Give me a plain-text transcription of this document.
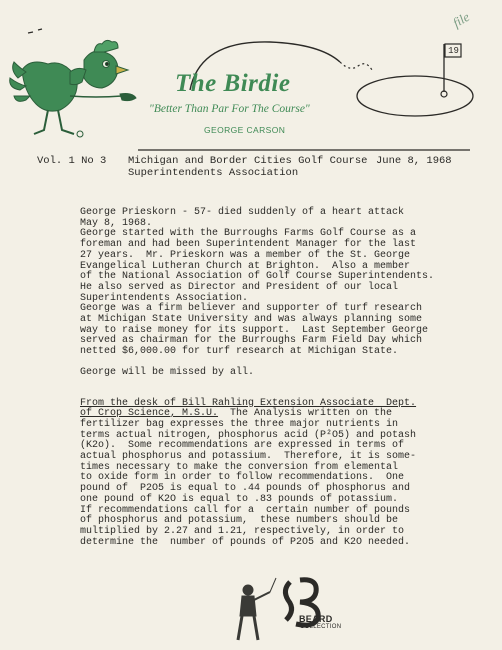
The Birdie
"Better Than Par For The Course"
GEORGE CARSON
19
file
Vol. 1 No 3 Michigan and Border Cities Golf Course
Superintendents Association
June 8, 1968

George Prieskorn - 57- died suddenly of a heart attack

May 8, 1968.

George started with the Burroughs Farms Golf Course as a

foreman and had been Superintendent Manager for the last

27 years.  Mr. Prieskorn was a member of the St. George

Evangelical Lutheran Church at Brighton.  Also a member

of the National Association of Golf Course Superintendents.

He also served as Director and President of our local

Superintendents Association.

George was a firm believer and supporter of turf research

at Michigan State University and was always planning some

way to raise money for its support.  Last September George

served as chairman for the Burroughs Farm Field Day which

netted $6,000.00 for turf research at Michigan State.

George will be missed by all.

From the desk of Bill Rahling Extension Associate  Dept.

of Crop Science, M.S.U.  The Analysis written on the

fertilizer bag expresses the three major nutrients in

terms actual nitrogen, phosphorus acid (P²O5) and potash

(K2o).  Some recommendations are expressed in terms of

actual phosphorus and potassium.  Therefore, it is some-

times necessary to make the conversion from elemental

to oxide form in order to follow recommendations.  One

pound of  P2O5 is equal to .44 pounds of phosphorus and

one pound of K2O is equal to .83 pounds of potassium.

If recommendations call for a  certain number of pounds

of phosphorus and potassium,  these numbers should be

multiplied by 2.27 and 1.21, respectively, in order to

determine the  number of pounds of P2O5 and K2O needed.

BEARD
COLLECTION
